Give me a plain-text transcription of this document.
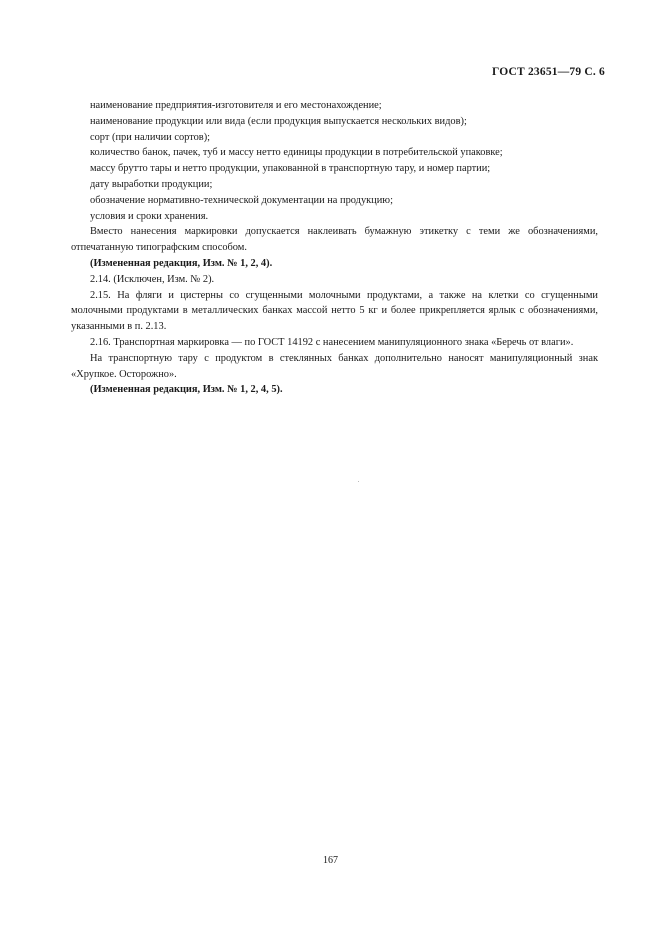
ГОСТ 23651—79 С. 6

наименование предприятия-изготовителя и его местонахождение;

наименование продукции или вида (если продукция выпускается нескольких видов);

сорт (при наличии сортов);

количество банок, пачек, туб и массу нетто единицы продукции в потребительской упаковке;

массу брутто тары и нетто продукции, упакованной в транспортную тару, и номер партии;

дату выработки продукции;

обозначение нормативно-технической документации на продукцию;

условия и сроки хранения.

Вместо нанесения маркировки допускается наклеивать бумажную этикетку с теми же обозначениями, отпечатанную типографским способом.

(Измененная редакция, Изм. № 1, 2, 4).

2.14. (Исключен, Изм. № 2).

2.15. На фляги и цистерны со сгущенными молочными продуктами, а также на клетки со сгущенными молочными продуктами в металлических банках массой нетто 5 кг и более прикрепляется ярлык с обозначениями, указанными в п. 2.13.

2.16. Транспортная маркировка — по ГОСТ 14192 с нанесением манипуляционного знака «Беречь от влаги».

На транспортную тару с продуктом в стеклянных банках дополнительно наносят манипуляционный знак «Хрупкое. Осторожно».

(Измененная редакция, Изм. № 1, 2, 4, 5).

167
